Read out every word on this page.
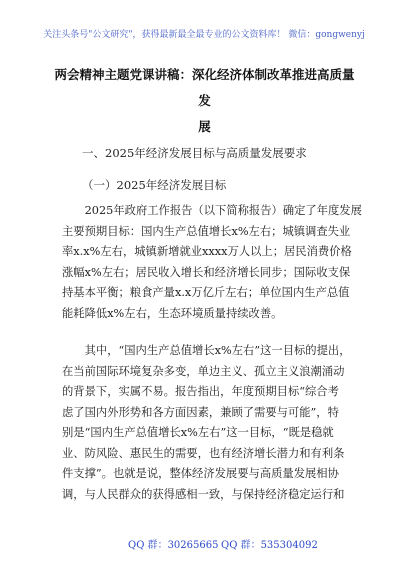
关注头条号"公文研究"，获得最新最全最专业的公文资料库！ 微信：gongwenyj
两会精神主题党课讲稿：深化经济体制改革推进高质量发
展
一、2025年经济发展目标与高质量发展要求
（一）2025年经济发展目标
　　2025年政府工作报告（以下简称报告）确定了年度发展
主要预期目标：国内生产总值增长x%左右；城镇调查失业
率x.x%左右，城镇新增就业xxxx万人以上；居民消费价格
涨幅x%左右；居民收入增长和经济增长同步；国际收支保
持基本平衡；粮食产量x.x万亿斤左右；单位国内生产总值
能耗降低x%左右，生态环境质量持续改善。
　　其中，“国内生产总值增长x%左右”这一目标的提出，
在当前国际环境复杂多变，单边主义、孤立主义浪潮涌动
的背景下，实属不易。报告指出，年度预期目标“综合考
虑了国内外形势和各方面因素，兼顾了需要与可能”，特
别是“国内生产总值增长x%左右”这一目标，“既是稳就
业、防风险、惠民生的需要，也有经济增长潜力和有利条
件支撑”。也就是说，整体经济发展要与高质量发展相协
调，与人民群众的获得感相一致，与保持经济稳定运行和
QQ 群：30265665 QQ 群：535304092
